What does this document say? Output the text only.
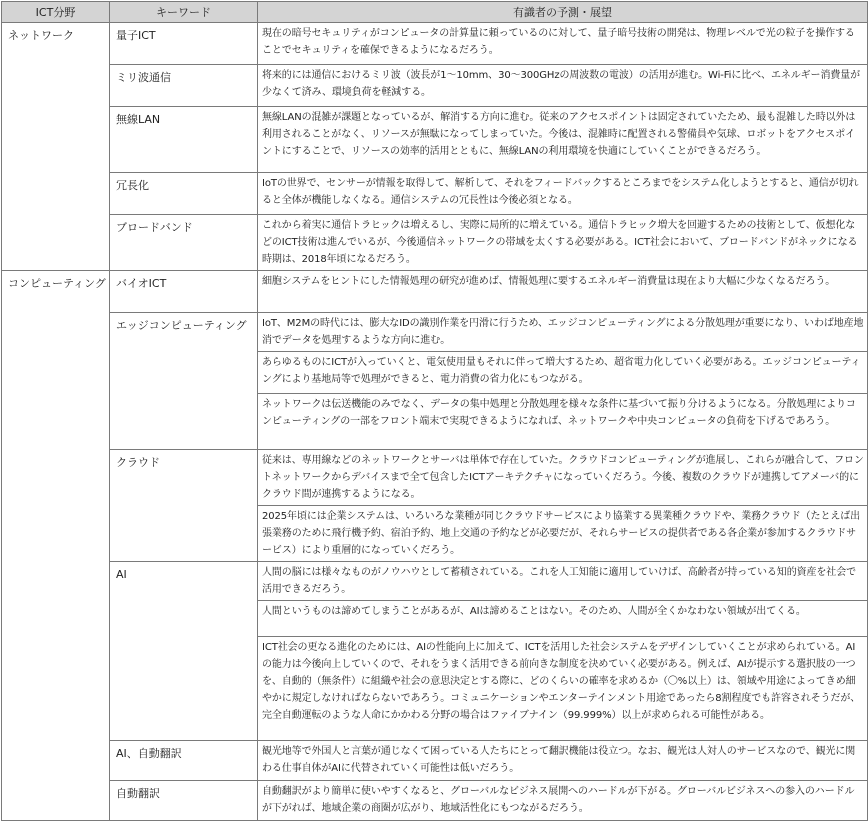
ICT分野	キーワード	有識者の予測・展望
ネットワーク	量子ICT	現在の暗号セキュリティがコンピュータの計算量に頼っているのに対して、量子暗号技術の開発は、物理レベルで光の粒子を操作することでセキュリティを確保できるようになるだろう。
	ミリ波通信	将来的には通信におけるミリ波（波長が1～10mm、30～300GHzの周波数の電波）の活用が進む。Wi-Fiに比べ、エネルギー消費量が少なくて済み、環境負荷を軽減する。
	無線LAN	無線LANの混雑が課題となっているが、解消する方向に進む。従来のアクセスポイントは固定されていたため、最も混雑した時以外は利用されることがなく、リソースが無駄になってしまっていた。今後は、混雑時に配置される警備員や気球、ロボットをアクセスポイントにすることで、リソースの効率的活用とともに、無線LANの利用環境を快適にしていくことができるだろう。
	冗長化	IoTの世界で、センサーが情報を取得して、解析して、それをフィードバックするところまでをシステム化しようとすると、通信が切れると全体が機能しなくなる。通信システムの冗長性は今後必須となる。
	ブロードバンド	これから着実に通信トラヒックは増えるし、実際に局所的に増えている。通信トラヒック増大を回避するための技術として、仮想化などのICT技術は進んでいるが、今後通信ネットワークの帯域を太くする必要がある。ICT社会において、ブロードバンドがネックになる時期は、2018年頃になるだろう。
コンピューティング	バイオICT	細胞システムをヒントにした情報処理の研究が進めば、情報処理に要するエネルギー消費量は現在より大幅に少なくなるだろう。
	エッジコンピューティング	IoT、M2Mの時代には、膨大なIDの識別作業を円滑に行うため、エッジコンピューティングによる分散処理が重要になり、いわば地産地消でデータを処理するような方向に進む。
		あらゆるものにICTが入っていくと、電気使用量もそれに伴って増大するため、超省電力化していく必要がある。エッジコンピューティングにより基地局等で処理ができると、電力消費の省力化にもつながる。
		ネットワークは伝送機能のみでなく、データの集中処理と分散処理を様々な条件に基づいて振り分けるようになる。分散処理によりコンピューティングの一部をフロント端末で実現できるようになれば、ネットワークや中央コンピュータの負荷を下げるであろう。
	クラウド	従来は、専用線などのネットワークとサーバは単体で存在していた。クラウドコンピューティングが進展し、これらが融合して、フロントネットワークからデバイスまで全て包含したICTアーキテクチャになっていくだろう。今後、複数のクラウドが連携してアメーバ的にクラウド間が連携するようになる。
		2025年頃には企業システムは、いろいろな業種が同じクラウドサービスにより協業する異業種クラウドや、業務クラウド（たとえば出張業務のために飛行機予約、宿泊予約、地上交通の予約などが必要だが、それらサービスの提供者である各企業が参加するクラウドサービス）により重層的になっていくだろう。
	AI	人間の脳には様々なものがノウハウとして蓄積されている。これを人工知能に適用していけば、高齢者が持っている知的資産を社会で活用できるだろう。
		人間というものは諦めてしまうことがあるが、AIは諦めることはない。そのため、人間が全くかなわない領域が出てくる。
		ICT社会の更なる進化のためには、AIの性能向上に加えて、ICTを活用した社会システムをデザインしていくことが求められている。AIの能力は今後向上していくので、それをうまく活用できる前向きな制度を決めていく必要がある。例えば、AIが提示する選択肢の一つを、自動的（無条件）に組織や社会の意思決定とする際に、どのくらいの確率を求めるか（〇%以上）は、領域や用途によってきめ細やかに規定しなければならないであろう。コミュニケーションやエンターテインメント用途であったら8割程度でも許容されそうだが、完全自動運転のような人命にかかわる分野の場合はファイブナイン（99.999%）以上が求められる可能性がある。
	AI、自動翻訳	観光地等で外国人と言葉が通じなくて困っている人たちにとって翻訳機能は役立つ。なお、観光は人対人のサービスなので、観光に関わる仕事自体がAIに代替されていく可能性は低いだろう。
	自動翻訳	自動翻訳がより簡単に使いやすくなると、グローバルなビジネス展開へのハードルが下がる。グローバルビジネスへの参入のハードルが下がれば、地域企業の商圏が広がり、地域活性化にもつながるだろう。
